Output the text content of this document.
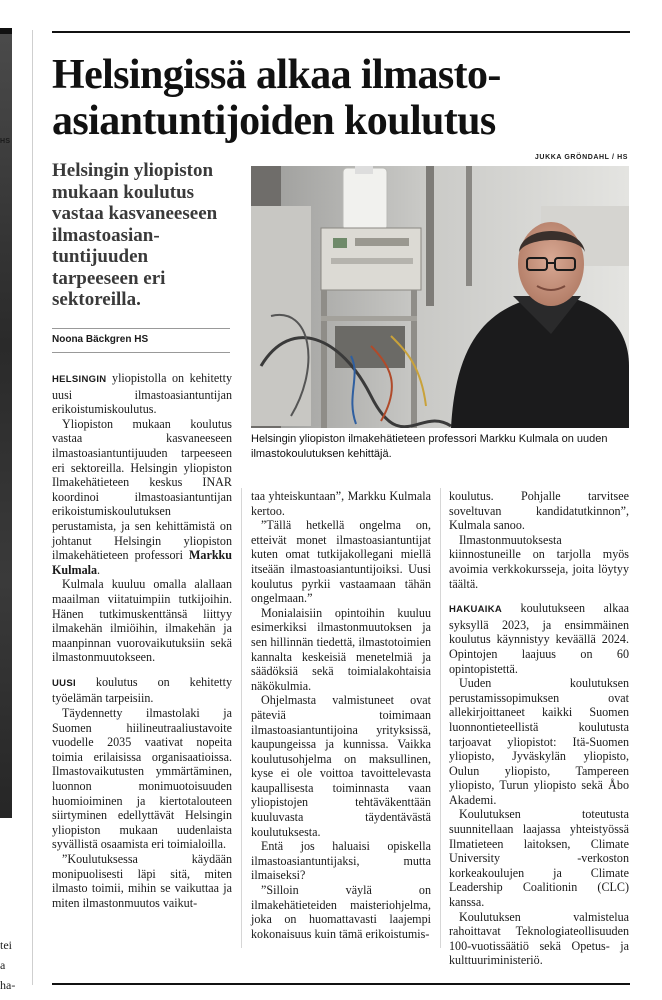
HS
tei
a
ha-
Helsingissä alkaa ilmasto-asiantuntijoiden koulutus
JUKKA GRÖNDAHL / HS

Helsingin yliopiston mukaan koulutus vastaa kasvaneeseen ilmastoasian-tuntijuuden tarpeeseen eri sektoreilla.

Noona Bäckgren HS
Helsingin yliopiston ilmakehätieteen professori Markku Kulmala on uuden ilmastokoulutuksen kehittäjä.

HELSINGIN yliopistolla on kehitetty uusi ilmastoasiantuntijan erikoistumiskoulutus.

Yliopiston mukaan koulutus vastaa kasvaneeseen ilmastoasiantuntijuuden tarpeeseen eri sektoreilla. Helsingin yliopiston Ilmakehätieteen keskus INAR koordinoi ilmastoasiantuntijan erikoistumiskoulutuksen perustamista, ja sen kehittämistä on johtanut Helsingin yliopiston ilmakehätieteen professori Markku Kulmala.

Kulmala kuuluu omalla alallaan maailman viitatuimpiin tutkijoihin. Hänen tutkimuskenttänsä liittyy ilmakehän ilmiöihin, ilmakehän ja maanpinnan vuorovaikutuksiin sekä ilmastonmuutokseen.

UUSI koulutus on kehitetty työelämän tarpeisiin.

Täydennetty ilmastolaki ja Suomen hiilineutraaliustavoite vuodelle 2035 vaativat nopeita toimia erilaisissa organisaatioissa. Ilmastovaikutusten ymmärtäminen, luonnon monimuotoisuuden huomioiminen ja kiertotalouteen siirtyminen edellyttävät Helsingin yliopiston mukaan uudenlaista syvällistä osaamista eri toimialoilla.

”Koulutuksessa käydään monipuolisesti läpi sitä, miten ilmasto toimii, mihin se vaikuttaa ja miten ilmastonmuutos vaikut-

taa yhteiskuntaan”, Markku Kulmala kertoo.

”Tällä hetkellä ongelma on, etteivät monet ilmastoasiantuntijat kuten omat tutkijakollegani miellä itseään ilmastoasiantuntijoiksi. Uusi koulutus pyrkii vastaamaan tähän ongelmaan.”

Monialaisiin opintoihin kuuluu esimerkiksi ilmastonmuutoksen ja sen hillinnän tiedettä, ilmastotoimien kannalta keskeisiä menetelmiä ja säädöksiä sekä toimialakohtaisia näkökulmia.

Ohjelmasta valmistuneet ovat päteviä toimimaan ilmastoasiantuntijoina yrityksissä, kaupungeissa ja kunnissa. Vaikka koulutusohjelma on maksullinen, kyse ei ole voittoa tavoittelevasta kaupallisesta toiminnasta vaan yliopistojen tehtäväkenttään kuuluvasta täydentävästä koulutuksesta.

Entä jos haluaisi opiskella ilmastoasiantuntijaksi, mutta ilmaiseksi?

”Silloin väylä on ilmakehätieteiden maisteriohjelma, joka on huomattavasti laajempi kokonaisuus kuin tämä erikoistumis-

koulutus. Pohjalle tarvitsee soveltuvan kandidatutkinnon”, Kulmala sanoo.

Ilmastonmuutoksesta kiinnostuneille on tarjolla myös avoimia verkkokursseja, joita löytyy täältä.

HAKUAIKA koulutukseen alkaa syksyllä 2023, ja ensimmäinen koulutus käynnistyy keväällä 2024. Opintojen laajuus on 60 opintopistettä.

Uuden koulutuksen perustamissopimuksen ovat allekirjoittaneet kaikki Suomen luonnontieteellistä koulutusta tarjoavat yliopistot: Itä-Suomen yliopisto, Jyväskylän yliopisto, Oulun yliopisto, Tampereen yliopisto, Turun yliopisto sekä Åbo Akademi.

Koulutuksen toteutusta suunnitellaan laajassa yhteistyössä Ilmatieteen laitoksen, Climate University -verkoston korkeakoulujen ja Climate Leadership Coalitionin (CLC) kanssa.

Koulutuksen valmistelua rahoittavat Teknologiateollisuuden 100-vuotissäätiö sekä Opetus- ja kulttuuriministeriö.
